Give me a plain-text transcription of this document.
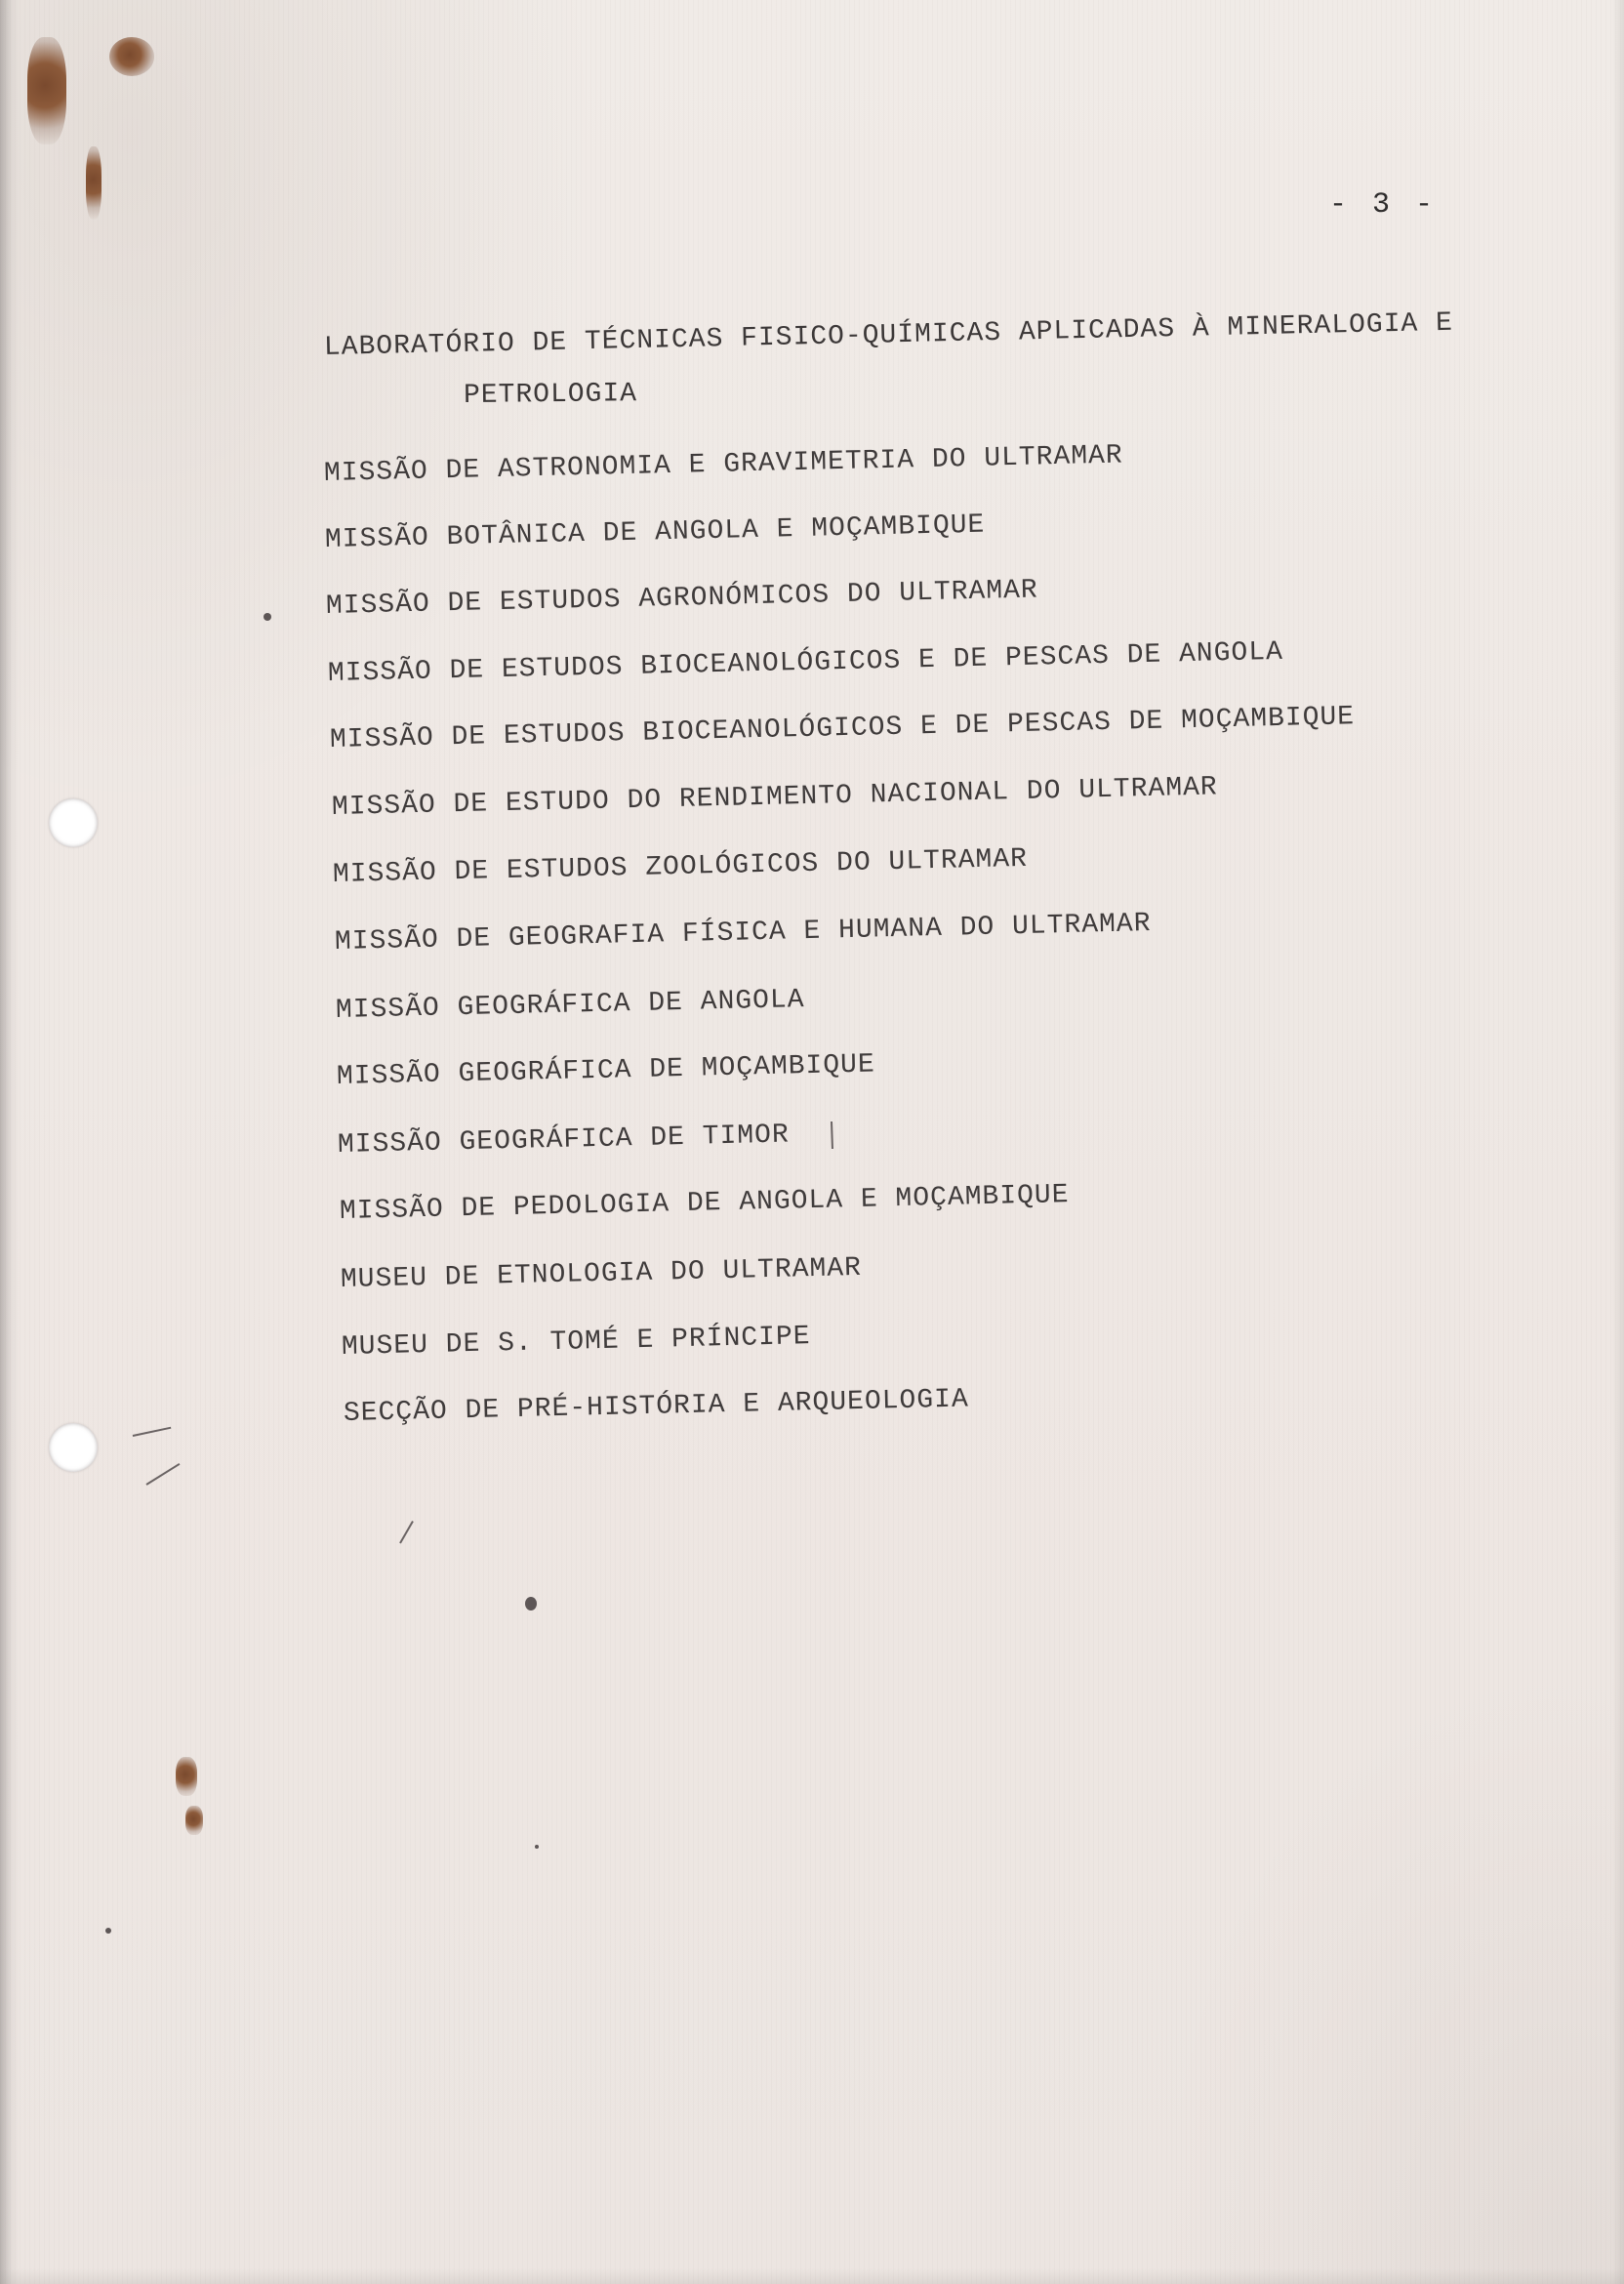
- 3 -
LABORATÓRIO DE TÉCNICAS FISICO-QUÍMICAS APLICADAS À MINERALOGIA E
PETROLOGIA
MISSÃO DE ASTRONOMIA E GRAVIMETRIA DO ULTRAMAR
MISSÃO BOTÂNICA DE ANGOLA E MOÇAMBIQUE
MISSÃO DE ESTUDOS AGRONÓMICOS DO ULTRAMAR
MISSÃO DE ESTUDOS BIOCEANOLÓGICOS E DE PESCAS DE ANGOLA
MISSÃO DE ESTUDOS BIOCEANOLÓGICOS E DE PESCAS DE MOÇAMBIQUE
MISSÃO DE ESTUDO DO RENDIMENTO NACIONAL DO ULTRAMAR
MISSÃO DE ESTUDOS ZOOLÓGICOS DO ULTRAMAR
MISSÃO DE GEOGRAFIA FÍSICA E HUMANA DO ULTRAMAR
MISSÃO GEOGRÁFICA DE ANGOLA
MISSÃO GEOGRÁFICA DE MOÇAMBIQUE
MISSÃO GEOGRÁFICA DE TIMOR
MISSÃO DE PEDOLOGIA DE ANGOLA E MOÇAMBIQUE
MUSEU DE ETNOLOGIA DO ULTRAMAR
MUSEU DE S. TOMÉ E PRÍNCIPE
SECÇÃO DE PRÉ-HISTÓRIA E ARQUEOLOGIA
